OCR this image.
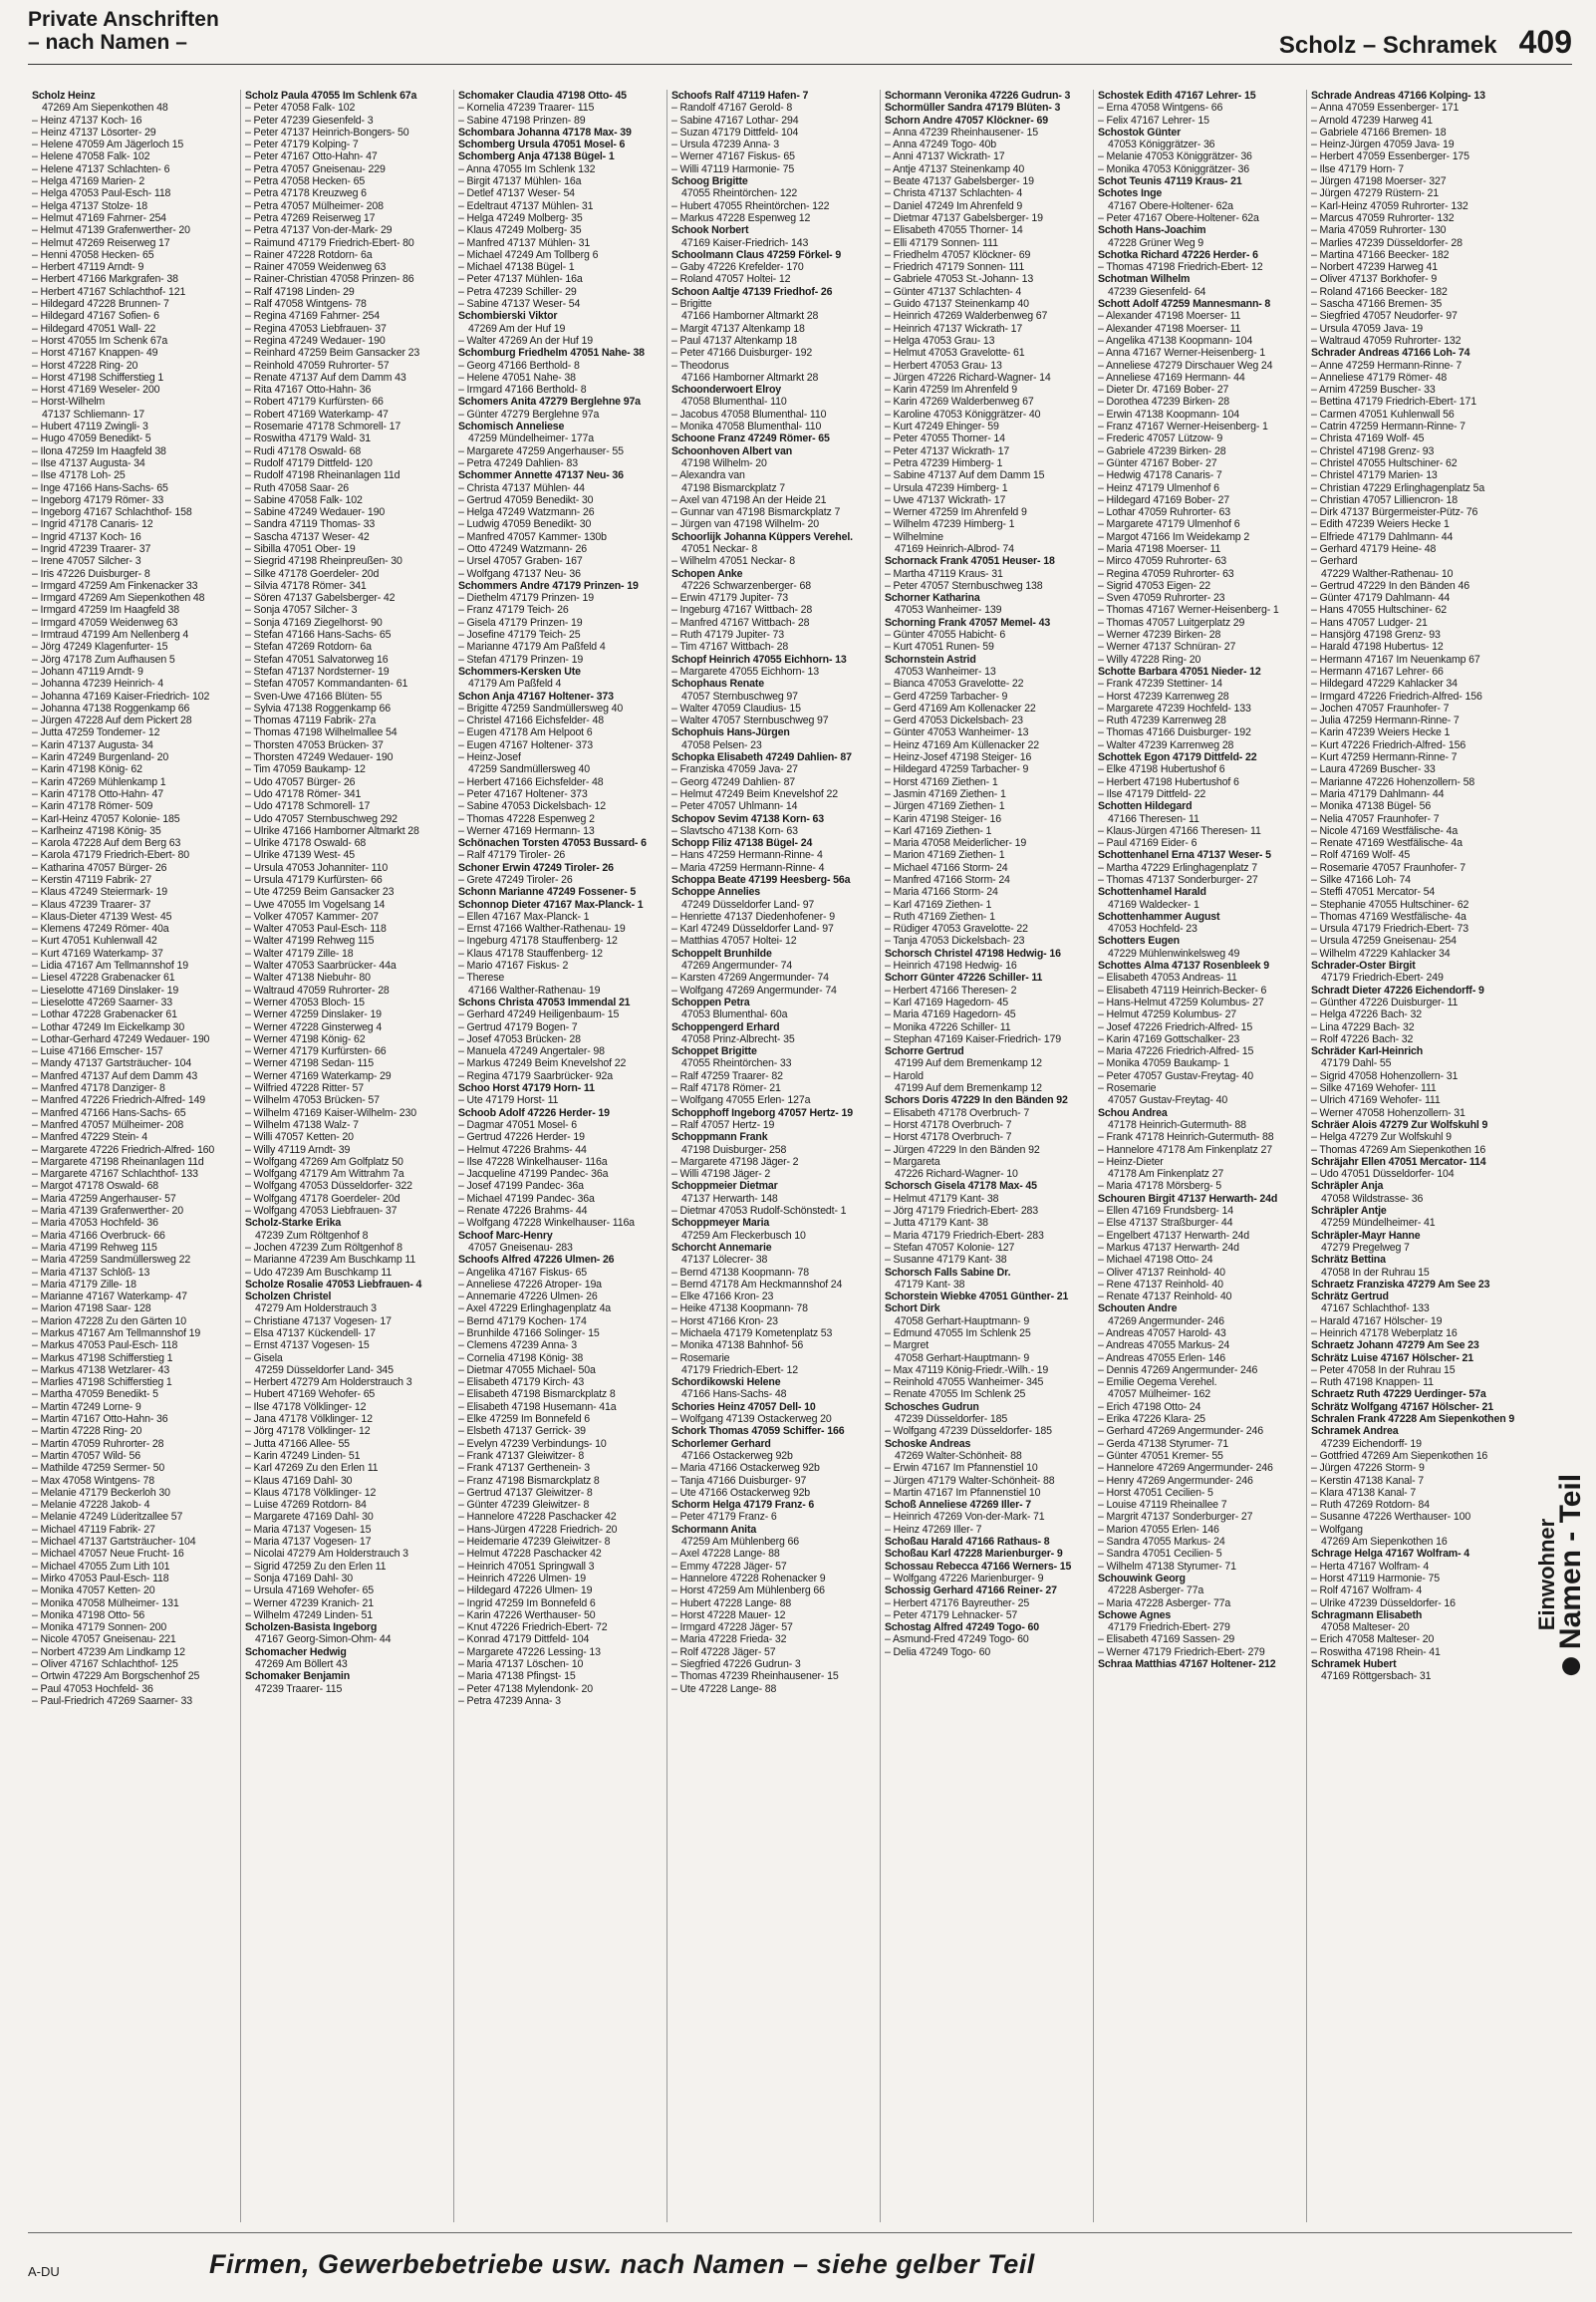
Private Anschriften
– nach Namen –	Scholz – Schramek 409
Scholz Heinz
47269 Am Siepenkothen 48
– Heinz 47137 Koch- 16
– Heinz 47137 Lösorter- 29
– Helene 47059 Am Jägerloch 15
– Helene 47058 Falk- 102
– Helene 47137 Schlachten- 6
– Helga 47169 Marien- 2
– Helga 47053 Paul-Esch- 118
– Helga 47137 Stolze- 18
– Helmut 47169 Fahrner- 254
– Helmut 47139 Grafenwerther- 20
– Helmut 47269 Reiserweg 17
– Henni 47058 Hecken- 65
– Herbert 47119 Arndt- 9
– Herbert 47166 Markgrafen- 38
– Herbert 47167 Schlachthof- 121
– Hildegard 47228 Brunnen- 7
– Hildegard 47167 Sofien- 6
– Hildegard 47051 Wall- 22
– Horst 47055 Im Schenk 67a
– Horst 47167 Knappen- 49
– Horst 47228 Ring- 20
– Horst 47198 Schifferstieg 1
– Horst 47169 Weseler- 200
– Horst-Wilhelm
47137 Schliemann- 17
– Hubert 47119 Zwingli- 3
– Hugo 47059 Benedikt- 5
– Ilona 47259 Im Haagfeld 38
– Ilse 47137 Augusta- 34
– Ilse 47178 Loh- 25
– Inge 47166 Hans-Sachs- 65
– Ingeborg 47179 Römer- 33
– Ingeborg 47167 Schlachthof- 158
– Ingrid 47178 Canaris- 12
– Ingrid 47137 Koch- 16
– Ingrid 47239 Traarer- 37
– Irene 47057 Silcher- 3
– Iris 47226 Duisburger- 8
– Irmgard 47259 Am Finkenacker 33
– Irmgard 47269 Am Siepenkothen 48
– Irmgard 47259 Im Haagfeld 38
– Irmgard 47059 Weidenweg 63
– Irmtraud 47199 Am Nellenberg 4
– Jörg 47249 Klagenfurter- 15
– Jörg 47178 Zum Aufhausen 5
– Johann 47119 Arndt- 9
– Johanna 47239 Heinrich- 4
– Johanna 47169 Kaiser-Friedrich- 102
– Johanna 47138 Roggenkamp 66
– Jürgen 47228 Auf dem Pickert 28
– Jutta 47259 Tondemer- 12
– Karin 47137 Augusta- 34
– Karin 47249 Burgenland- 20
– Karin 47198 König- 62
– Karin 47269 Mühlenkamp 1
– Karin 47178 Otto-Hahn- 47
– Karin 47178 Römer- 509
– Karl-Heinz 47057 Kolonie- 185
– Karlheinz 47198 König- 35
– Karola 47228 Auf dem Berg 63
– Karola 47179 Friedrich-Ebert- 80
– Katharina 47057 Bürger- 26
– Kerstin 47119 Fabrik- 27
– Klaus 47249 Steiermark- 19
– Klaus 47239 Traarer- 37
– Klaus-Dieter 47139 West- 45
– Klemens 47249 Römer- 40a
– Kurt 47051 Kuhlenwall 42
– Kurt 47169 Waterkamp- 37
– Lidia 47167 Am Tellmannshof 19
– Liesel 47228 Grabenacker 61
– Lieselotte 47169 Dinslaker- 19
– Lieselotte 47269 Saarner- 33
– Lothar 47228 Grabenacker 61
– Lothar 47249 Im Eickelkamp 30
– Lothar-Gerhard 47249 Wedauer- 190
– Luise 47166 Emscher- 157
– Mandy 47137 Gartsträucher- 104
– Manfred 47137 Auf dem Damm 43
– Manfred 47178 Danziger- 8
– Manfred 47226 Friedrich-Alfred- 149
– Manfred 47166 Hans-Sachs- 65
– Manfred 47057 Mülheimer- 208
– Manfred 47229 Stein- 4
– Margarete 47226 Friedrich-Alfred- 160
– Margarete 47198 Rheinanlagen 11d
– Margarete 47167 Schlachthof- 133
– Margot 47178 Oswald- 68
– Maria 47259 Angerhauser- 57
– Maria 47139 Grafenwerther- 20
– Maria 47053 Hochfeld- 36
– Maria 47166 Overbruck- 66
– Maria 47199 Rehweg 115
– Maria 47259 Sandmüllersweg 22
– Maria 47137 Schlöß- 13
– Maria 47179 Zille- 18
– Marianne 47167 Waterkamp- 47
– Marion 47198 Saar- 128
– Marion 47228 Zu den Gärten 10
– Markus 47167 Am Tellmannshof 19
– Markus 47053 Paul-Esch- 118
– Markus 47198 Schifferstieg 1
– Markus 47138 Wetzlarer- 43
– Marlies 47198 Schifferstieg 1
– Martha 47059 Benedikt- 5
– Martin 47249 Lorne- 9
– Martin 47167 Otto-Hahn- 36
– Martin 47228 Ring- 20
– Martin 47059 Ruhrorter- 28
– Martin 47057 Wild- 56
– Mathilde 47259 Sermer- 50
– Max 47058 Wintgens- 78
– Melanie 47179 Beckerloh 30
– Melanie 47228 Jakob- 4
– Melanie 47249 Lüderitzallee 57
– Michael 47119 Fabrik- 27
– Michael 47137 Gartsträucher- 104
– Michael 47057 Neue Frucht- 16
– Michael 47055 Zum Lith 101
– Mirko 47053 Paul-Esch- 118
– Monika 47057 Ketten- 20
– Monika 47058 Mülheimer- 131
– Monika 47198 Otto- 56
– Monika 47179 Sonnen- 200
– Nicole 47057 Gneisenau- 221
– Norbert 47239 Am Lindkamp 12
– Oliver 47167 Schlachthof- 125
– Ortwin 47229 Am Borgschenhof 25
– Paul 47053 Hochfeld- 36
– Paul-Friedrich 47269 Saarner- 33
Scholz Paula 47055 Im Schlenk 67a
– Peter 47058 Falk- 102
– Peter 47239 Giesenfeld- 3
– Peter 47137 Heinrich-Bongers- 50
– Peter 47179 Kolping- 7
– Peter 47167 Otto-Hahn- 47
– Petra 47057 Gneisenau- 229
– Petra 47058 Hecken- 65
– Petra 47178 Kreuzweg 6
– Petra 47057 Mülheimer- 208
– Petra 47269 Reiserweg 17
– Petra 47137 Von-der-Mark- 29
– Raimund 47179 Friedrich-Ebert- 80
– Rainer 47228 Rotdorn- 6a
– Rainer 47059 Weidenweg 63
– Rainer-Christian 47058 Prinzen- 86
– Ralf 47198 Linden- 29
– Ralf 47058 Wintgens- 78
– Regina 47169 Fahrner- 254
– Regina 47053 Liebfrauen- 37
– Regina 47249 Wedauer- 190
– Reinhard 47259 Beim Gansacker 23
– Reinhold 47059 Ruhrorter- 57
– Renate 47137 Auf dem Damm 43
– Rita 47167 Otto-Hahn- 36
– Robert 47179 Kurfürsten- 66
– Robert 47169 Waterkamp- 47
– Rosemarie 47178 Schmorell- 17
– Roswitha 47179 Wald- 31
– Rudi 47178 Oswald- 68
– Rudolf 47179 Dittfeld- 120
– Rudolf 47198 Rheinanlagen 11d
– Ruth 47058 Saar- 26
– Sabine 47058 Falk- 102
– Sabine 47249 Wedauer- 190
– Sandra 47119 Thomas- 33
– Sascha 47137 Weser- 42
– Sibilla 47051 Ober- 19
– Siegrid 47198 Rheinpreußen- 30
– Silke 47178 Goerdeler- 20d
– Silvia 47178 Römer- 341
– Sören 47137 Gabelsberger- 42
– Sonja 47057 Silcher- 3
– Sonja 47169 Ziegelhorst- 90
– Stefan 47166 Hans-Sachs- 65
– Stefan 47269 Rotdorn- 6a
– Stefan 47051 Salvatorweg 16
– Stefan 47137 Nordsterner- 19
– Stefan 47057 Kommandanten- 61
– Sven-Uwe 47166 Blüten- 55
– Sylvia 47138 Roggenkamp 66
– Thomas 47119 Fabrik- 27a
– Thomas 47198 Wilhelmallee 54
– Thorsten 47053 Brücken- 37
– Thorsten 47249 Wedauer- 190
– Tim 47059 Baukamp- 12
– Udo 47057 Bürger- 26
– Udo 47178 Römer- 341
– Udo 47178 Schmorell- 17
– Udo 47057 Sternbuschweg 292
– Ulrike 47166 Hamborner Altmarkt 28
– Ulrike 47178 Oswald- 68
– Ulrike 47139 West- 45
– Ursula 47053 Johanniter- 110
– Ursula 47179 Kurfürsten- 66
– Ute 47259 Beim Gansacker 23
– Uwe 47055 Im Vogelsang 14
– Volker 47057 Kammer- 207
– Walter 47053 Paul-Esch- 118
– Walter 47199 Rehweg 115
– Walter 47179 Zille- 18
– Walter 47053 Saarbrücker- 44a
– Walter 47138 Niebuhr- 80
– Waltraud 47059 Ruhrorter- 28
– Werner 47053 Bloch- 15
– Werner 47259 Dinslaker- 19
– Werner 47228 Ginsterweg 4
– Werner 47198 König- 62
– Werner 47179 Kurfürsten- 66
– Werner 47198 Sedan- 115
– Werner 47169 Waterkamp- 29
– Wilfried 47228 Ritter- 57
– Wilhelm 47053 Brücken- 57
– Wilhelm 47169 Kaiser-Wilhelm- 230
– Wilhelm 47138 Walz- 7
– Willi 47057 Ketten- 20
– Willy 47119 Arndt- 39
– Wolfgang 47269 Am Golfplatz 50
– Wolfgang 47179 Am Wittrahm 7a
– Wolfgang 47053 Düsseldorfer- 322
– Wolfgang 47178 Goerdeler- 20d
– Wolfgang 47053 Liebfrauen- 37
Scholz-Starke Erika
47239 Zum Röltgenhof 8
– Jochen 47239 Zum Röltgenhof 8
– Marianne 47239 Am Buschkamp 11
– Udo 47239 Am Buschkamp 11
Scholze Rosalie 47053 Liebfrauen- 4
Scholzen Christel
47279 Am Holderstrauch 3
– Christiane 47137 Vogesen- 17
– Elsa 47137 Kückendell- 17
– Ernst 47137 Vogesen- 15
– Gisela
47259 Düsseldorfer Land- 345
– Herbert 47279 Am Holderstrauch 3
– Hubert 47169 Wehofer- 65
– Ilse 47178 Völklinger- 12
– Jana 47178 Völklinger- 12
– Jörg 47178 Völklinger- 12
– Jutta 47166 Allee- 55
– Karin 47249 Linden- 51
– Karl 47269 Zu den Erlen 11
– Klaus 47169 Dahl- 30
– Klaus 47178 Völklinger- 12
– Luise 47269 Rotdorn- 84
– Margarete 47169 Dahl- 30
– Maria 47137 Vogesen- 15
– Maria 47137 Vogesen- 17
– Nicolai 47279 Am Holderstrauch 3
– Sigrid 47259 Zu den Erlen 11
– Sonja 47169 Dahl- 30
– Ursula 47169 Wehofer- 65
– Werner 47239 Kranich- 21
– Wilhelm 47249 Linden- 51
Scholzen-Basista Ingeborg
47167 Georg-Simon-Ohm- 44
Schomacher Hedwig
47269 Am Böllert 43
Schomaker Benjamin
47239 Traarer- 115
Schomaker Claudia 47198 Otto- 45
– Kornelia 47239 Traarer- 115
– Sabine 47198 Prinzen- 89
Schombara Johanna 47178 Max- 39
Schomberg Ursula 47051 Mosel- 6
Schomberg Anja 47138 Bügel- 1
– Anna 47055 Im Schlenk 132
– Birgit 47137 Mühlen- 16a
– Detlef 47137 Weser- 54
– Edeltraut 47137 Mühlen- 31
– Helga 47249 Molberg- 35
– Klaus 47249 Molberg- 35
– Manfred 47137 Mühlen- 31
– Michael 47249 Am Tollberg 6
– Michael 47138 Bügel- 1
– Peter 47137 Mühlen- 16a
– Petra 47239 Schiller- 29
– Sabine 47137 Weser- 54
Schombierski Viktor
47269 Am der Huf 19
– Walter 47269 An der Huf 19
Schomburg Friedhelm 47051 Nahe- 38
– Georg 47166 Berthold- 8
– Helene 47051 Nahe- 38
– Irmgard 47166 Berthold- 8
Schomers Anita 47279 Berglehne 97a
– Günter 47279 Berglehne 97a
Schomisch Anneliese
47259 Mündelheimer- 177a
– Margarete 47259 Angerhauser- 55
– Petra 47249 Dahlien- 83
Schommer Annette 47137 Neu- 36
– Christa 47137 Mühlen- 44
– Gertrud 47059 Benedikt- 30
– Helga 47249 Watzmann- 26
– Ludwig 47059 Benedikt- 30
– Manfred 47057 Kammer- 130b
– Otto 47249 Watzmann- 26
– Ursel 47057 Graben- 167
– Wolfgang 47137 Neu- 36
Schommers Andre 47179 Prinzen- 19
– Diethelm 47179 Prinzen- 19
– Franz 47179 Teich- 26
– Gisela 47179 Prinzen- 19
– Josefine 47179 Teich- 25
– Marianne 47179 Am Paßfeld 4
– Stefan 47179 Prinzen- 19
Schommers-Kersken Ute
47179 Am Paßfeld 4
Schon Anja 47167 Holtener- 373
– Brigitte 47259 Sandmüllersweg 40
– Christel 47166 Eichsfelder- 48
– Eugen 47178 Am Helpoot 6
– Eugen 47167 Holtener- 373
– Heinz-Josef
47259 Sandmüllersweg 40
– Herbert 47166 Eichsfelder- 48
– Peter 47167 Holtener- 373
– Sabine 47053 Dickelsbach- 12
– Thomas 47228 Espenweg 2
– Werner 47169 Hermann- 13
Schönachen Torsten 47053 Bussard- 6
– Ralf 47179 Tiroler- 26
Schoner Erwin 47249 Tiroler- 26
– Grete 47249 Tiroler- 26
Schonn Marianne 47249 Fossener- 5
Schonnop Dieter 47167 Max-Planck- 1
– Ellen 47167 Max-Planck- 1
– Ernst 47166 Walther-Rathenau- 19
– Ingeburg 47178 Stauffenberg- 12
– Klaus 47178 Stauffenberg- 12
– Mario 47167 Fiskus- 2
– Therese
47166 Walther-Rathenau- 19
Schons Christa 47053 Immendal 21
– Gerhard 47249 Heiligenbaum- 15
– Gertrud 47179 Bogen- 7
– Josef 47053 Brücken- 28
– Manuela 47249 Angertaler- 98
– Markus 47249 Beim Knevelshof 22
– Regina 47179 Saarbrücker- 92a
Schoo Horst 47179 Horn- 11
– Ute 47179 Horst- 11
Schoob Adolf 47226 Herder- 19
– Dagmar 47051 Mosel- 6
– Gertrud 47226 Herder- 19
– Helmut 47226 Brahms- 44
– Ilse 47228 Winkelhauser- 116a
– Jacqueline 47199 Pandec- 36a
– Josef 47199 Pandec- 36a
– Michael 47199 Pandec- 36a
– Renate 47226 Brahms- 44
– Wolfgang 47228 Winkelhauser- 116a
Schoof Marc-Henry
47057 Gneisenau- 283
Schoofs Alfred 47226 Ulmen- 26
– Angelika 47167 Fiskus- 65
– Anneliese 47226 Atroper- 19a
– Annemarie 47226 Ulmen- 26
– Axel 47229 Erlinghagenplatz 4a
– Bernd 47179 Kochen- 174
– Brunhilde 47166 Solinger- 15
– Clemens 47239 Anna- 3
– Cornelia 47198 König- 38
– Dietmar 47055 Michael- 50a
– Elisabeth 47179 Kirch- 43
– Elisabeth 47198 Bismarckplatz 8
– Elisabeth 47198 Husemann- 41a
– Elke 47259 Im Bonnefeld 6
– Elsbeth 47137 Gerrick- 39
– Evelyn 47239 Verbindungs- 10
– Frank 47137 Gleiwitzer- 8
– Frank 47137 Gerthenein- 3
– Franz 47198 Bismarckplatz 8
– Gertrud 47137 Gleiwitzer- 8
– Günter 47239 Gleiwitzer- 8
– Hannelore 47228 Paschacker 42
– Hans-Jürgen 47228 Friedrich- 20
– Heidemarie 47239 Gleiwitzer- 8
– Helmut 47228 Paschacker 42
– Heinrich 47051 Springwall 3
– Heinrich 47226 Ulmen- 19
– Hildegard 47226 Ulmen- 19
– Ingrid 47259 Im Bonnefeld 6
– Karin 47226 Werthauser- 50
– Knut 47226 Friedrich-Ebert- 72
– Konrad 47179 Dittfeld- 104
– Margarete 47226 Lessing- 13
– Maria 47137 Löschen- 10
– Maria 47138 Pfingst- 15
– Peter 47138 Mylendonk- 20
– Petra 47239 Anna- 3
Schoofs Ralf 47119 Hafen- 7
– Randolf 47167 Gerold- 8
– Sabine 47167 Lothar- 294
– Suzan 47179 Dittfeld- 104
– Ursula 47239 Anna- 3
– Werner 47167 Fiskus- 65
– Willi 47119 Harmonie- 75
Schoog Brigitte
47055 Rheintörchen- 122
– Hubert 47055 Rheintörchen- 122
– Markus 47228 Espenweg 12
Schook Norbert
47169 Kaiser-Friedrich- 143
Schoolmann Claus 47259 Förkel- 9
– Gaby 47226 Krefelder- 170
– Roland 47057 Holtei- 12
Schoon Aaltje 47139 Friedhof- 26
– Brigitte
47166 Hamborner Altmarkt 28
– Margit 47137 Altenkamp 18
– Paul 47137 Altenkamp 18
– Peter 47166 Duisburger- 192
– Theodorus
47166 Hamborner Altmarkt 28
Schoonderwoert Elroy
47058 Blumenthal- 110
– Jacobus 47058 Blumenthal- 110
– Monika 47058 Blumenthal- 110
Schoone Franz 47249 Römer- 65
Schoonhoven Albert van
47198 Wilhelm- 20
– Alexandra van
47198 Bismarckplatz 7
– Axel van 47198 An der Heide 21
– Gunnar van 47198 Bismarckplatz 7
– Jürgen van 47198 Wilhelm- 20
Schoorlijk Johanna Küppers Verehel.
47051 Neckar- 8
– Wilhelm 47051 Neckar- 8
Schopen Anke
47226 Schwarzenberger- 68
– Erwin 47179 Jupiter- 73
– Ingeburg 47167 Wittbach- 28
– Manfred 47167 Wittbach- 28
– Ruth 47179 Jupiter- 73
– Tim 47167 Wittbach- 28
Schopf Heinrich 47055 Eichhorn- 13
– Margarete 47055 Eichhorn- 13
Schophaus Renate
47057 Sternbuschweg 97
– Walter 47059 Claudius- 15
– Walter 47057 Sternbuschweg 97
Schophuis Hans-Jürgen
47058 Pelsen- 23
Schopka Elisabeth 47249 Dahlien- 87
– Franziska 47059 Java- 27
– Georg 47249 Dahlien- 87
– Helmut 47249 Beim Knevelshof 22
– Peter 47057 Uhlmann- 14
Schopov Sevim 47138 Korn- 63
– Slavtscho 47138 Korn- 63
Schopp Filiz 47138 Bügel- 24
– Hans 47259 Hermann-Rinne- 4
– Maria 47259 Hermann-Rinne- 4
Schoppa Beate 47199 Heesberg- 56a
Schoppe Annelies
47249 Düsseldorfer Land- 97
– Henriette 47137 Diedenhofener- 9
– Karl 47249 Düsseldorfer Land- 97
– Matthias 47057 Holtei- 12
Schoppelt Brunhilde
47269 Angermunder- 74
– Karsten 47269 Angermunder- 74
– Wolfgang 47269 Angermunder- 74
Schoppen Petra
47053 Blumenthal- 60a
Schoppengerd Erhard
47058 Prinz-Albrecht- 35
Schoppet Brigitte
47055 Rheintörchen- 33
– Ralf 47259 Traarer- 82
– Ralf 47178 Römer- 21
– Wolfgang 47055 Erlen- 127a
Schopphoff Ingeborg 47057 Hertz- 19
– Ralf 47057 Hertz- 19
Schoppmann Frank
47198 Duisburger- 258
– Margarete 47198 Jäger- 2
– Willi 47198 Jäger- 2
Schoppmeier Dietmar
47137 Herwarth- 148
– Dietmar 47053 Rudolf-Schönstedt- 1
Schoppmeyer Maria
47259 Am Fleckerbusch 10
Schorcht Annemarie
47137 Lölecrer- 38
– Bernd 47138 Koopmann- 78
– Bernd 47178 Am Heckmannshof 24
– Elke 47166 Kron- 23
– Heike 47138 Koopmann- 78
– Horst 47166 Kron- 23
– Michaela 47179 Kometenplatz 53
– Monika 47138 Bahnhof- 56
– Rosemarie
47179 Friedrich-Ebert- 12
Schordikowski Helene
47166 Hans-Sachs- 48
Schories Heinz 47057 Dell- 10
– Wolfgang 47139 Ostackerweg 20
Schork Thomas 47059 Schiffer- 166
Schorlemer Gerhard
47166 Ostackerweg 92b
– Maria 47166 Ostackerweg 92b
– Tanja 47166 Duisburger- 97
– Ute 47166 Ostackerweg 92b
Schorm Helga 47179 Franz- 6
– Peter 47179 Franz- 6
Schormann Anita
47259 Am Mühlenberg 66
– Axel 47228 Lange- 88
– Emmy 47228 Jäger- 57
– Hannelore 47228 Rohenacker 9
– Horst 47259 Am Mühlenberg 66
– Hubert 47228 Lange- 88
– Horst 47228 Mauer- 12
– Irmgard 47228 Jäger- 57
– Maria 47228 Frieda- 32
– Rolf 47228 Jäger- 57
– Siegfried 47226 Gudrun- 3
– Thomas 47239 Rheinhausener- 15
– Ute 47228 Lange- 88
Schormann Veronika 47226 Gudrun- 3
Schormüller Sandra 47179 Blüten- 3
Schorn Andre 47057 Klöckner- 69
– Anna 47239 Rheinhausener- 15
– Anna 47249 Togo- 40b
– Anni 47137 Wickrath- 17
– Antje 47137 Steinenkamp 40
– Beate 47137 Gabelsberger- 19
– Christa 47137 Schlachten- 4
– Daniel 47249 Im Ahrenfeld 9
– Dietmar 47137 Gabelsberger- 19
– Elisabeth 47055 Thorner- 14
– Elli 47179 Sonnen- 111
– Friedhelm 47057 Klöckner- 69
– Friedrich 47179 Sonnen- 111
– Gabriele 47053 St.-Johann- 13
– Günter 47137 Schlachten- 4
– Guido 47137 Steinenkamp 40
– Heinrich 47269 Walderbenweg 67
– Heinrich 47137 Wickrath- 17
– Helga 47053 Grau- 13
– Helmut 47053 Gravelotte- 61
– Herbert 47053 Grau- 13
– Jürgen 47226 Richard-Wagner- 14
– Karin 47259 Im Ahrenfeld 9
– Karin 47269 Walderbenweg 67
– Karoline 47053 Königgrätzer- 40
– Kurt 47249 Ehinger- 59
– Peter 47055 Thorner- 14
– Peter 47137 Wickrath- 17
– Petra 47239 Himberg- 1
– Sabine 47137 Auf dem Damm 15
– Ursula 47239 Himberg- 1
– Uwe 47137 Wickrath- 17
– Werner 47259 Im Ahrenfeld 9
– Wilhelm 47239 Himberg- 1
– Wilhelmine
47169 Heinrich-Albrod- 74
Schornack Frank 47051 Heuser- 18
– Martha 47119 Kraus- 31
– Peter 47057 Sternbuschweg 138
Schorner Katharina
47053 Wanheimer- 139
Schorning Frank 47057 Memel- 43
– Günter 47055 Habicht- 6
– Kurt 47051 Runen- 59
Schornstein Astrid
47053 Wanheimer- 13
– Bianca 47053 Gravelotte- 22
– Gerd 47259 Tarbacher- 9
– Gerd 47169 Am Kollenacker 22
– Gerd 47053 Dickelsbach- 23
– Günter 47053 Wanheimer- 13
– Heinz 47169 Am Küllenacker 22
– Heinz-Josef 47198 Steiger- 16
– Hildegard 47259 Tarbacher- 9
– Horst 47169 Ziethen- 1
– Jasmin 47169 Ziethen- 1
– Jürgen 47169 Ziethen- 1
– Karin 47198 Steiger- 16
– Karl 47169 Ziethen- 1
– Maria 47058 Meiderlicher- 19
– Marion 47169 Ziethen- 1
– Michael 47166 Storm- 24
– Manfred 47166 Storm- 24
– Maria 47166 Storm- 24
– Karl 47169 Ziethen- 1
– Ruth 47169 Ziethen- 1
– Rüdiger 47053 Gravelotte- 22
– Tanja 47053 Dickelsbach- 23
Schorsch Christel 47198 Hedwig- 16
– Heinrich 47198 Hedwig- 16
Schorr Günter 47226 Schiller- 11
– Herbert 47166 Theresen- 2
– Karl 47169 Hagedorn- 45
– Maria 47169 Hagedorn- 45
– Monika 47226 Schiller- 11
– Stephan 47169 Kaiser-Friedrich- 179
Schorre Gertrud
47199 Auf dem Bremenkamp 12
– Harold
47199 Auf dem Bremenkamp 12
Schors Doris 47229 In den Bänden 92
– Elisabeth 47178 Overbruch- 7
– Horst 47178 Overbruch- 7
– Horst 47178 Overbruch- 7
– Jürgen 47229 In den Bänden 92
– Margareta
47226 Richard-Wagner- 10
Schorsch Gisela 47178 Max- 45
– Helmut 47179 Kant- 38
– Jörg 47179 Friedrich-Ebert- 283
– Jutta 47179 Kant- 38
– Maria 47179 Friedrich-Ebert- 283
– Stefan 47057 Kolonie- 127
– Susanne 47179 Kant- 38
Schorsch Falls Sabine Dr.
47179 Kant- 38
Schorstein Wiebke 47051 Günther- 21
Schort Dirk
47058 Gerhart-Hauptmann- 9
– Edmund 47055 Im Schlenk 25
– Margret
47058 Gerhart-Hauptmann- 9
– Max 47119 König-Friedr.-Wilh.- 19
– Reinhold 47055 Wanheimer- 345
– Renate 47055 Im Schlenk 25
Schosches Gudrun
47239 Düsseldorfer- 185
– Wolfgang 47239 Düsseldorfer- 185
Schoske Andreas
47269 Walter-Schönheit- 88
– Erwin 47167 Im Pfannenstiel 10
– Jürgen 47179 Walter-Schönheit- 88
– Martin 47167 Im Pfannenstiel 10
Schoß Anneliese 47269 Iller- 7
– Heinrich 47269 Von-der-Mark- 71
– Heinz 47269 Iller- 7
Schoßau Harald 47166 Rathaus- 8
Schoßau Karl 47228 Marienburger- 9
Schossau Rebecca 47166 Werners- 15
– Wolfgang 47226 Marienburger- 9
Schossig Gerhard 47166 Reiner- 27
– Herbert 47176 Bayreuther- 25
– Peter 47179 Lehnacker- 57
Schostag Alfred 47249 Togo- 60
– Asmund-Fred 47249 Togo- 60
– Delia 47249 Togo- 60
Schostek Edith 47167 Lehrer- 15
– Erna 47058 Wintgens- 66
– Felix 47167 Lehrer- 15
Schostok Günter
47053 Königgrätzer- 36
– Melanie 47053 Königgrätzer- 36
– Monika 47053 Königgrätzer- 36
Schot Teunis 47119 Kraus- 21
Schotes Inge
47167 Obere-Holtener- 62a
– Peter 47167 Obere-Holtener- 62a
Schoth Hans-Joachim
47228 Grüner Weg 9
Schotka Richard 47226 Herder- 6
– Thomas 47198 Friedrich-Ebert- 12
Schotman Wilhelm
47239 Giesenfeld- 64
Schott Adolf 47259 Mannesmann- 8
– Alexander 47198 Moerser- 11
– Alexander 47198 Moerser- 11
– Angelika 47138 Koopmann- 104
– Anna 47167 Werner-Heisenberg- 1
– Anneliese 47279 Dirschauer Weg 24
– Anneliese 47169 Hermann- 44
– Dieter Dr. 47169 Bober- 27
– Dorothea 47239 Birken- 28
– Erwin 47138 Koopmann- 104
– Franz 47167 Werner-Heisenberg- 1
– Frederic 47057 Lützow- 9
– Gabriele 47239 Birken- 28
– Günter 47167 Bober- 27
– Hedwig 47178 Canaris- 7
– Heinz 47179 Ulmenhof 6
– Hildegard 47169 Bober- 27
– Lothar 47059 Ruhrorter- 63
– Margarete 47179 Ulmenhof 6
– Margot 47166 Im Weidekamp 2
– Maria 47198 Moerser- 11
– Mirco 47059 Ruhrorter- 63
– Regina 47059 Ruhrorter- 63
– Sigrid 47053 Eigen- 22
– Sven 47059 Ruhrorter- 23
– Thomas 47167 Werner-Heisenberg- 1
– Thomas 47057 Luitgerplatz 29
– Werner 47239 Birken- 28
– Werner 47137 Schnüran- 27
– Willy 47228 Ring- 20
Schotte Barbara 47051 Nieder- 12
– Frank 47239 Stettiner- 14
– Horst 47239 Karrenweg 28
– Margarete 47239 Hochfeld- 133
– Ruth 47239 Karrenweg 28
– Thomas 47166 Duisburger- 192
– Walter 47239 Karrenweg 28
Schottek Egon 47179 Dittfeld- 22
– Elke 47198 Hubertushof 6
– Herbert 47198 Hubertushof 6
– Ilse 47179 Dittfeld- 22
Schotten Hildegard
47166 Theresen- 11
– Klaus-Jürgen 47166 Theresen- 11
– Paul 47169 Eider- 6
Schottenhanel Erna 47137 Weser- 5
– Martha 47229 Erlinghagenplatz 7
– Thomas 47137 Sonderburger- 27
Schottenhamel Harald
47169 Waldecker- 1
Schottenhammer August
47053 Hochfeld- 23
Schotters Eugen
47229 Mühlenwinkelsweg 49
Schottes Alma 47137 Rosenbleek 9
– Elisabeth 47053 Andreas- 11
– Elisabeth 47119 Heinrich-Becker- 6
– Hans-Helmut 47259 Kolumbus- 27
– Helmut 47259 Kolumbus- 27
– Josef 47226 Friedrich-Alfred- 15
– Karin 47169 Gottschalker- 23
– Maria 47226 Friedrich-Alfred- 15
– Monika 47059 Baukamp- 1
– Peter 47057 Gustav-Freytag- 40
– Rosemarie
47057 Gustav-Freytag- 40
Schou Andrea
47178 Heinrich-Gutermuth- 88
– Frank 47178 Heinrich-Gutermuth- 88
– Hannelore 47178 Am Finkenplatz 27
– Heinz-Dieter
47178 Am Finkenplatz 27
– Maria 47178 Mörsberg- 5
Schouren Birgit 47137 Herwarth- 24d
– Ellen 47169 Frundsberg- 14
– Else 47137 Straßburger- 44
– Engelbert 47137 Herwarth- 24d
– Markus 47137 Herwarth- 24d
– Michael 47198 Otto- 24
– Oliver 47137 Reinhold- 40
– Rene 47137 Reinhold- 40
– Renate 47137 Reinhold- 40
Schouten Andre
47269 Angermunder- 246
– Andreas 47057 Harold- 43
– Andreas 47055 Markus- 24
– Andreas 47055 Erlen- 146
– Dennis 47269 Angermunder- 246
– Emilie Oegema Verehel.
47057 Mülheimer- 162
– Erich 47198 Otto- 24
– Erika 47226 Klara- 25
– Gerhard 47269 Angermunder- 246
– Gerda 47138 Styrumer- 71
– Günter 47051 Kremer- 55
– Hannelore 47269 Angermunder- 246
– Henry 47269 Angermunder- 246
– Horst 47051 Cecilien- 5
– Louise 47119 Rheinallee 7
– Margrit 47137 Sonderburger- 27
– Marion 47055 Erlen- 146
– Sandra 47055 Markus- 24
– Sandra 47051 Cecilien- 5
– Wilhelm 47138 Styrumer- 71
Schouwink Georg
47228 Asberger- 77a
– Maria 47228 Asberger- 77a
Schowe Agnes
47179 Friedrich-Ebert- 279
– Elisabeth 47169 Sassen- 29
– Werner 47179 Friedrich-Ebert- 279
Schraa Matthias 47167 Holtener- 212
Schrade Andreas 47166 Kolping- 13
– Anna 47059 Essenberger- 171
– Arnold 47239 Harweg 41
– Gabriele 47166 Bremen- 18
– Heinz-Jürgen 47059 Java- 19
– Herbert 47059 Essenberger- 175
– Ilse 47179 Horn- 7
– Jürgen 47198 Moerser- 327
– Jürgen 47279 Rüstern- 21
– Karl-Heinz 47059 Ruhrorter- 132
– Marcus 47059 Ruhrorter- 132
– Maria 47059 Ruhrorter- 130
– Marlies 47239 Düsseldorfer- 28
– Martina 47166 Beecker- 182
– Norbert 47239 Harweg 41
– Oliver 47137 Borkhofer- 9
– Roland 47166 Beecker- 182
– Sascha 47166 Bremen- 35
– Siegfried 47057 Neudorfer- 97
– Ursula 47059 Java- 19
– Waltraud 47059 Ruhrorter- 132
Schrader Andreas 47166 Loh- 74
– Anne 47259 Hermann-Rinne- 7
– Anneliese 47179 Römer- 48
– Arnim 47259 Buscher- 33
– Bettina 47179 Friedrich-Ebert- 171
– Carmen 47051 Kuhlenwall 56
– Catrin 47259 Hermann-Rinne- 7
– Christa 47169 Wolf- 45
– Christel 47198 Grenz- 93
– Christel 47055 Hultschiner- 62
– Christel 47179 Marien- 13
– Christian 47229 Erlinghagenplatz 5a
– Christian 47057 Lilliencron- 18
– Dirk 47137 Bürgermeister-Pütz- 76
– Edith 47239 Weiers Hecke 1
– Elfriede 47179 Dahlmann- 44
– Gerhard 47179 Heine- 48
– Gerhard
47229 Walther-Rathenau- 10
– Gertrud 47229 In den Bänden 46
– Günter 47179 Dahlmann- 44
– Hans 47055 Hultschiner- 62
– Hans 47057 Ludger- 21
– Hansjörg 47198 Grenz- 93
– Harald 47198 Hubertus- 12
– Hermann 47167 Im Neuenkamp 67
– Hermann 47167 Lehrer- 66
– Hildegard 47229 Kahlacker 34
– Irmgard 47226 Friedrich-Alfred- 156
– Jochen 47057 Fraunhofer- 7
– Julia 47259 Hermann-Rinne- 7
– Karin 47239 Weiers Hecke 1
– Kurt 47226 Friedrich-Alfred- 156
– Kurt 47259 Hermann-Rinne- 7
– Laura 47269 Buscher- 33
– Marianne 47226 Hohenzollern- 58
– Maria 47179 Dahlmann- 44
– Monika 47138 Bügel- 56
– Nelia 47057 Fraunhofer- 7
– Nicole 47169 Westfälische- 4a
– Renate 47169 Westfälische- 4a
– Rolf 47169 Wolf- 45
– Rosemarie 47057 Fraunhofer- 7
– Silke 47166 Loh- 74
– Steffi 47051 Mercator- 54
– Stephanie 47055 Hultschiner- 62
– Thomas 47169 Westfälische- 4a
– Ursula 47179 Friedrich-Ebert- 73
– Ursula 47259 Gneisenau- 254
– Wilhelm 47229 Kahlacker 34
Schrader-Oster Birgit
47179 Friedrich-Ebert- 249
Schradt Dieter 47226 Eichendorff- 9
– Günther 47226 Duisburger- 11
– Helga 47226 Bach- 32
– Lina 47229 Bach- 32
– Rolf 47226 Bach- 32
Schräder Karl-Heinrich
47179 Dahl- 55
– Sigrid 47058 Hohenzollern- 31
– Silke 47169 Wehofer- 111
– Ulrich 47169 Wehofer- 111
– Werner 47058 Hohenzollern- 31
Schräer Alois 47279 Zur Wolfskuhl 9
– Helga 47279 Zur Wolfskuhl 9
– Thomas 47269 Am Siepenkothen 16
Schräjahr Ellen 47051 Mercator- 114
– Udo 47051 Düsseldorfer- 104
Schräpler Anja
47058 Wildstrasse- 36
Schräpler Antje
47259 Mündelheimer- 41
Schräpler-Mayr Hanne
47279 Pregelweg 7
Schrätz Bettina
47058 In der Ruhrau 15
Schraetz Franziska 47279 Am See 23
Schrätz Gertrud
47167 Schlachthof- 133
– Harald 47167 Hölscher- 19
– Heinrich 47178 Weberplatz 16
Schraetz Johann 47279 Am See 23
Schrätz Luise 47167 Hölscher- 21
– Peter 47058 In der Ruhrau 15
– Ruth 47198 Knappen- 11
Schraetz Ruth 47229 Uerdinger- 57a
Schrätz Wolfgang 47167 Hölscher- 21
Schralen Frank 47228 Am Siepenkothen 9
Schramek Andrea
47239 Eichendorff- 19
– Gottfried 47269 Am Siepenkothen 16
– Jürgen 47226 Storm- 9
– Kerstin 47138 Kanal- 7
– Klara 47138 Kanal- 7
– Ruth 47269 Rotdorn- 84
– Susanne 47226 Werthauser- 100
– Wolfgang
47269 Am Siepenkothen 16
Schrage Helga 47167 Wolfram- 4
– Herta 47167 Wolfram- 4
– Horst 47119 Harmonie- 75
– Rolf 47167 Wolfram- 4
– Ulrike 47239 Düsseldorfer- 16
Schragmann Elisabeth
47058 Malteser- 20
– Erich 47058 Malteser- 20
– Roswitha 47198 Rhein- 41
Schramek Hubert
47169 Röttgersbach- 31
Einwohner
Namen - Teil
A-DU	Firmen, Gewerbebetriebe usw. nach Namen – siehe gelber Teil
